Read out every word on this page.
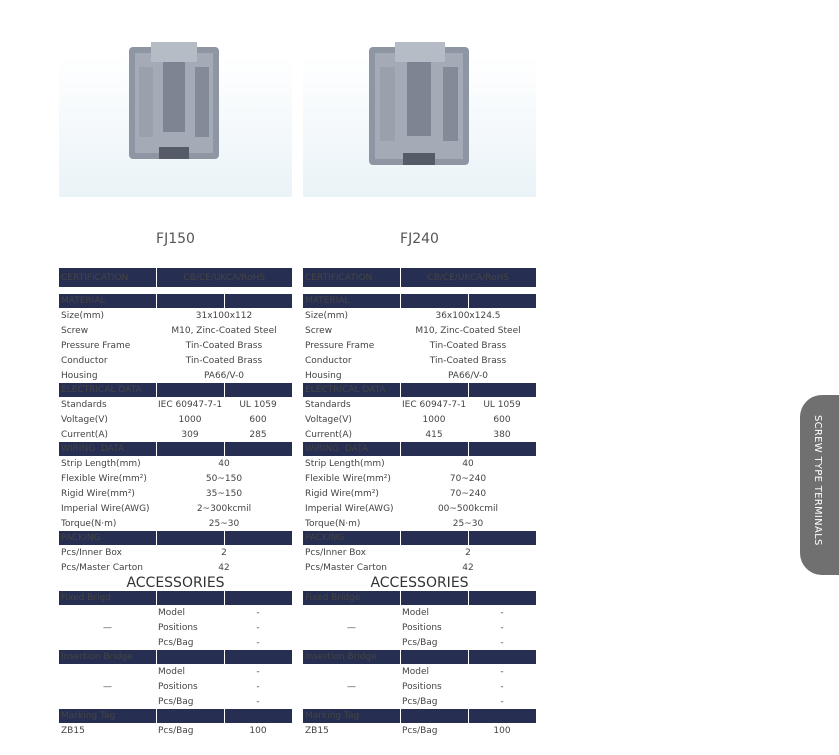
FJ150	FJ240
CERTIFICATION	CB/CE/UKCA/RoHS	

MATERIAL		
Size(mm)	31x100x112	
Screw	M10, Zinc-Coated Steel	
Pressure Frame	Tin-Coated Brass	
Conductor	Tin-Coated Brass	
Housing	PA66/V-0	
ELECTRICAL DATA		
Standards	IEC 60947-7-1	UL 1059
Voltage(V)	1000	600
Current(A)	309	285
WIRING  DATA		
Strip Length(mm)	40	
Flexible Wire(mm²)	50~150	
Rigid Wire(mm²)	35~150	
Imperial Wire(AWG)	2~300kcmil	
Torque(N·m)	25~30	
PACKING		
Pcs/Inner Box	2	
Pcs/Master Carton	42	
ACCESSORIES
Fixed Brigd		
—	Model	-
	Positions	-
	Pcs/Bag	-
Insertion Bridge		
—	Model	-
	Positions	-
	Pcs/Bag	-
Marking Tag		
ZB15	Pcs/Bag	100
CERTIFICATION	CB/CE/UKCA/RoHS	

MATERIAL		
Size(mm)	36x100x124.5	
Screw	M10, Zinc-Coated Steel	
Pressure Frame	Tin-Coated Brass	
Conductor	Tin-Coated Brass	
Housing	PA66/V-0	
ELECTRICAL DATA		
Standards	IEC 60947-7-1	UL 1059
Voltage(V)	1000	600
Current(A)	415	380
WIRING  DATA		
Strip Length(mm)	40	
Flexible Wire(mm²)	70~240	
Rigid Wire(mm²)	70~240	
Imperial Wire(AWG)	00~500kcmil	
Torque(N·m)	25~30	
PACKING		
Pcs/Inner Box	2	
Pcs/Master Carton	42	
ACCESSORIES
Fixed Bridge		
—	Model	-
	Positions	-
	Pcs/Bag	-
Insertion Bridge		
—	Model	-
	Positions	-
	Pcs/Bag	-
Marking Tag		
ZB15	Pcs/Bag	100
SCREW TYPE TERMINALS
